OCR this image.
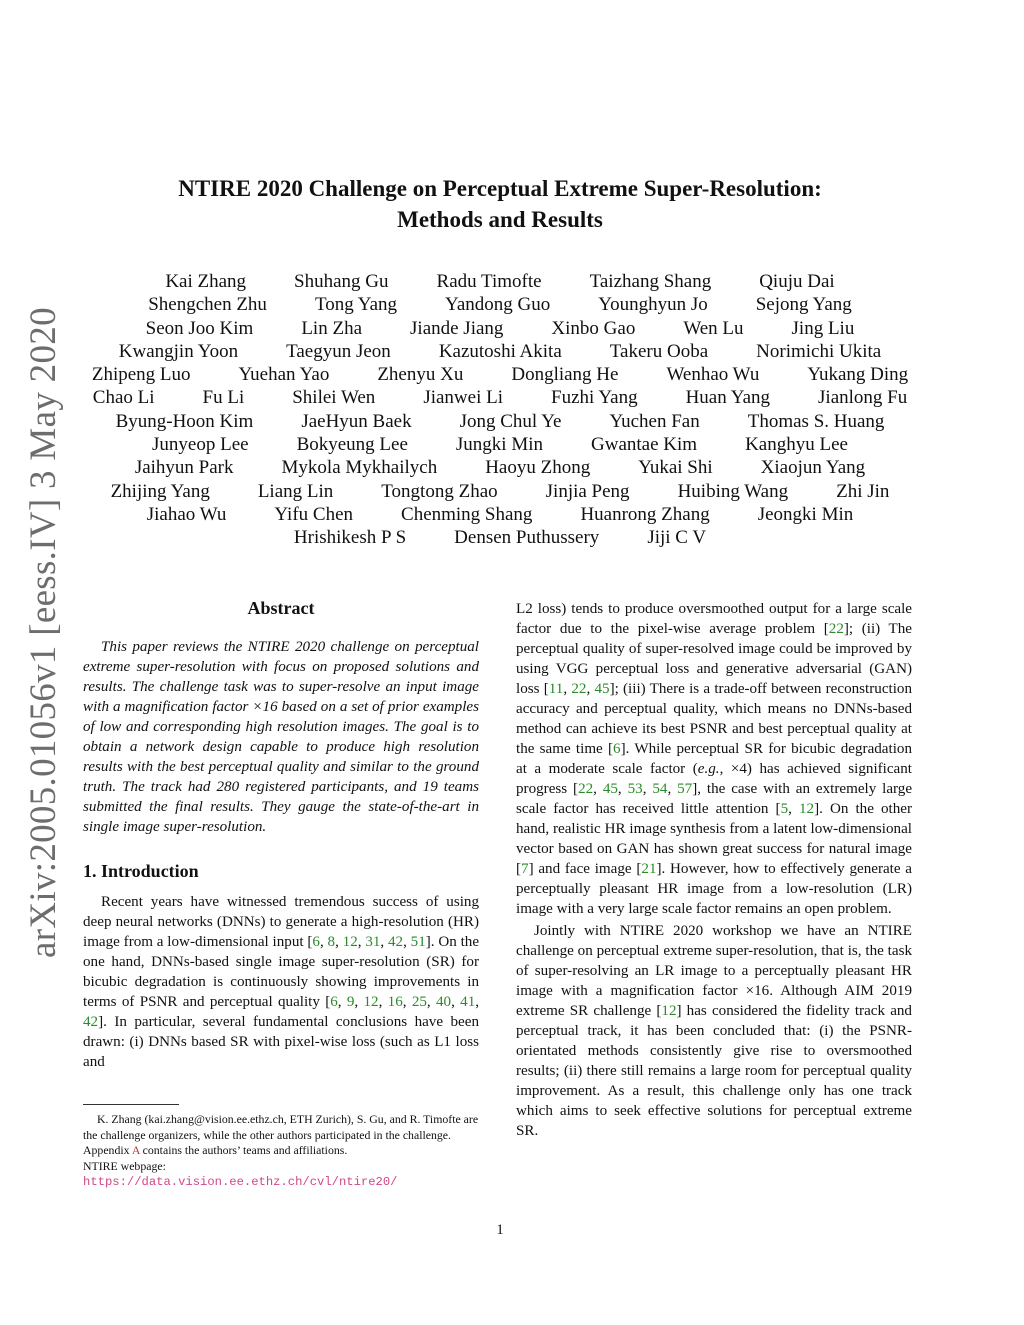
arXiv:2005.01056v1 [eess.IV] 3 May 2020
NTIRE 2020 Challenge on Perceptual Extreme Super-Resolution:
Methods and Results
Kai Zhang	Shuhang Gu	Radu Timofte	Taizhang Shang	Qiuju Dai
Shengchen Zhu	Tong Yang	Yandong Guo	Younghyun Jo	Sejong Yang
Seon Joo Kim	Lin Zha	Jiande Jiang	Xinbo Gao	Wen Lu	Jing Liu
Kwangjin Yoon	Taegyun Jeon	Kazutoshi Akita	Takeru Ooba	Norimichi Ukita
Zhipeng Luo	Yuehan Yao	Zhenyu Xu	Dongliang He	Wenhao Wu	Yukang Ding
Chao Li	Fu Li	Shilei Wen	Jianwei Li	Fuzhi Yang	Huan Yang	Jianlong Fu
Byung-Hoon Kim	JaeHyun Baek	Jong Chul Ye	Yuchen Fan	Thomas S. Huang
Junyeop Lee	Bokyeung Lee	Jungki Min	Gwantae Kim	Kanghyu Lee
Jaihyun Park	Mykola Mykhailych	Haoyu Zhong	Yukai Shi	Xiaojun Yang
Zhijing Yang	Liang Lin	Tongtong Zhao	Jinjia Peng	Huibing Wang	Zhi Jin
Jiahao Wu	Yifu Chen	Chenming Shang	Huanrong Zhang	Jeongki Min
Hrishikesh P S	Densen Puthussery	Jiji C V
Abstract

This paper reviews the NTIRE 2020 challenge on perceptual extreme super-resolution with focus on proposed solutions and results. The challenge task was to super-resolve an input image with a magnification factor ×16 based on a set of prior examples of low and corresponding high resolution images. The goal is to obtain a network design capable to produce high resolution results with the best perceptual quality and similar to the ground truth. The track had 280 registered participants, and 19 teams submitted the final results. They gauge the state-of-the-art in single image super-resolution.

1. Introduction

Recent years have witnessed tremendous success of using deep neural networks (DNNs) to generate a high-resolution (HR) image from a low-dimensional input [6, 8, 12, 31, 42, 51]. On the one hand, DNNs-based single image super-resolution (SR) for bicubic degradation is continuously showing improvements in terms of PSNR and perceptual quality [6, 9, 12, 16, 25, 40, 41, 42]. In particular, several fundamental conclusions have been drawn: (i) DNNs based SR with pixel-wise loss (such as L1 loss and

K. Zhang (kai.zhang@vision.ee.ethz.ch, ETH Zurich), S. Gu, and R. Timofte are the challenge organizers, while the other authors participated in the challenge. Appendix A contains the authors’ teams and affiliations.
NTIRE webpage:
https://data.vision.ee.ethz.ch/cvl/ntire20/

L2 loss) tends to produce oversmoothed output for a large scale factor due to the pixel-wise average problem [22]; (ii) The perceptual quality of super-resolved image could be improved by using VGG perceptual loss and generative adversarial (GAN) loss [11, 22, 45]; (iii) There is a trade-off between reconstruction accuracy and perceptual quality, which means no DNNs-based method can achieve its best PSNR and best perceptual quality at the same time [6]. While perceptual SR for bicubic degradation at a moderate scale factor (e.g., ×4) has achieved significant progress [22, 45, 53, 54, 57], the case with an extremely large scale factor has received little attention [5, 12]. On the other hand, realistic HR image synthesis from a latent low-dimensional vector based on GAN has shown great success for natural image [7] and face image [21]. However, how to effectively generate a perceptually pleasant HR image from a low-resolution (LR) image with a very large scale factor remains an open problem.

Jointly with NTIRE 2020 workshop we have an NTIRE challenge on perceptual extreme super-resolution, that is, the task of super-resolving an LR image to a perceptually pleasant HR image with a magnification factor ×16. Although AIM 2019 extreme SR challenge [12] has considered the fidelity track and perceptual track, it has been concluded that: (i) the PSNR-orientated methods consistently give rise to oversmoothed results; (ii) there still remains a large room for perceptual quality improvement. As a result, this challenge only has one track which aims to seek effective solutions for perceptual extreme SR.

1
